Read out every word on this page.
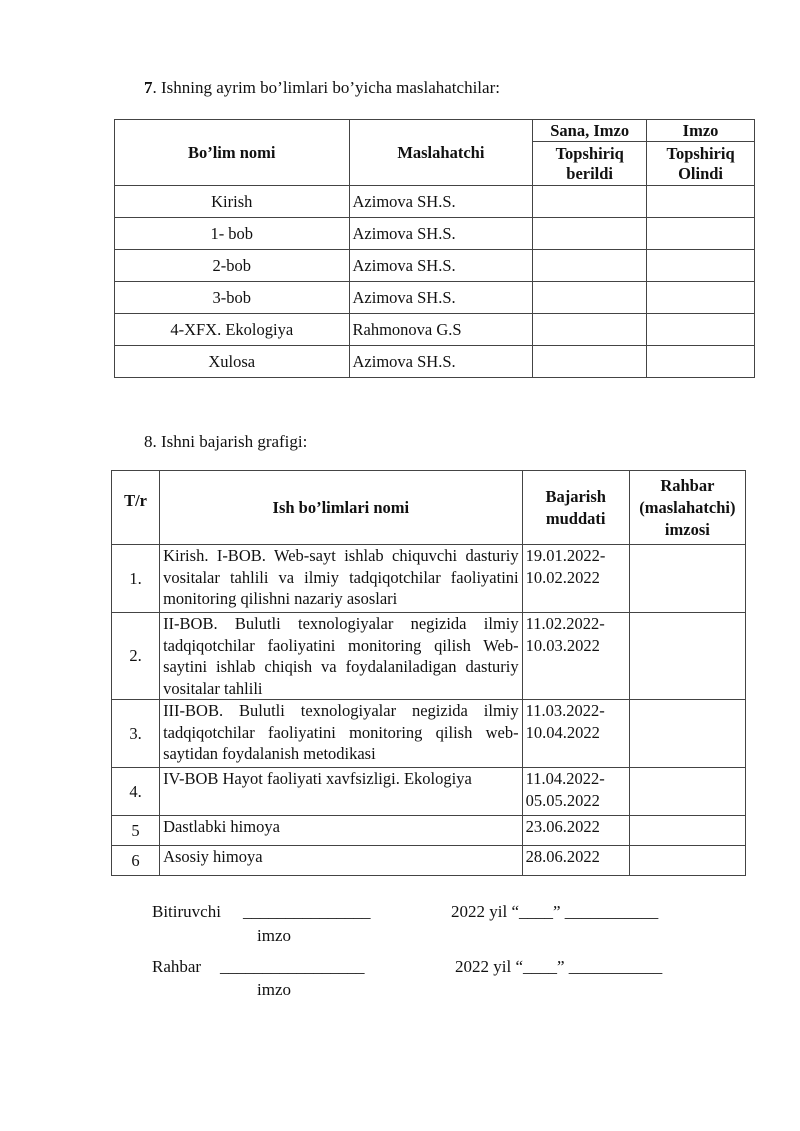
7. Ishning ayrim bo’limlari bo’yicha maslahatchilar:
Bo’lim nomi	Maslahatchi	Sana, Imzo	Imzo
		Topshiriq berildi	Topshiriq Olindi
Kirish	Azimova SH.S.		
1- bob	Azimova SH.S.		
2-bob	Azimova SH.S.		
3-bob	Azimova SH.S.		
4-XFX. Ekologiya	Rahmonova G.S		
Xulosa	Azimova SH.S.		
8. Ishni bajarish grafigi:
T/r	Ish bo’limlari nomi	Bajarish muddati	Rahbar (maslahatchi) imzosi
1.	Kirish. I-BOB. Web-sayt ishlab chiquvchi dasturiy vositalar tahlili va ilmiy tadqiqotchilar faoliyatini monitoring qilishni nazariy asoslari	19.01.2022-10.02.2022	
2.	II-BOB. Bulutli texnologiyalar negizida ilmiy tadqiqotchilar faoliyatini monitoring qilish Web-saytini ishlab chiqish va foydalaniladigan dasturiy vositalar tahlili	11.02.2022-10.03.2022	
3.	III-BOB. Bulutli texnologiyalar negizida ilmiy tadqiqotchilar faoliyatini monitoring qilish web-saytidan foydalanish metodikasi	11.03.2022-10.04.2022	
4.	IV-BOB Hayot faoliyati xavfsizligi. Ekologiya	11.04.2022-05.05.2022	
5	Dastlabki himoya	23.06.2022	
6	Asosiy himoya	28.06.2022	
Bitiruvchi _______________	2022 yil “____” ___________
imzo
Rahbar _________________	2022 yil “____” ___________
imzo
